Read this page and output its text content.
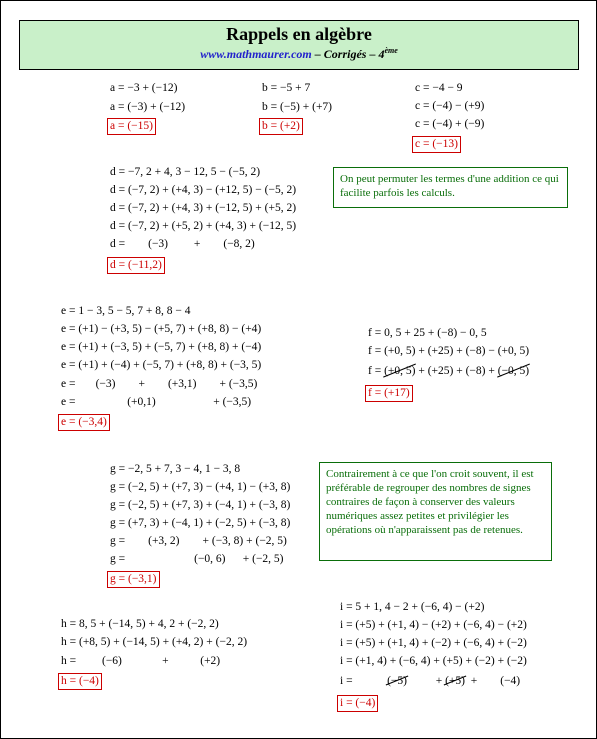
Rappels en algèbre
www.mathmaurer.com – Corrigés – 4ème
a = −3 + (−12)
a = (−3) + (−12)
a = (−15)
b = −5 + 7
b = (−5) + (+7)
b = (+2)
c = −4 − 9
c = (−4) − (+9)
c = (−4) + (−9)
c = (−13)
d = −7, 2 + 4, 3 − 12, 5 − (−5, 2)
d = (−7, 2) + (+4, 3) − (+12, 5) − (−5, 2)
d = (−7, 2) + (+4, 3) + (−12, 5) + (+5, 2)
d = (−7, 2) + (+5, 2) + (+4, 3) + (−12, 5)
d =        (−3)         +        (−8, 2)
d = (−11,2)
On peut permuter les termes d'une addition ce qui facilite parfois les calculs.
e = 1 − 3, 5 − 5, 7 + 8, 8 − 4
e = (+1) − (+3, 5) − (+5, 7) + (+8, 8) − (+4)
e = (+1) + (−3, 5) + (−5, 7) + (+8, 8) + (−4)
e = (+1) + (−4) + (−5, 7) + (+8, 8) + (−3, 5)
e =       (−3)        +        (+3,1)        + (−3,5)
e =                  (+0,1)                    + (−3,5)
e = (−3,4)
f = 0, 5 + 25 + (−8) − 0, 5
f = (+0, 5) + (+25) + (−8) − (+0, 5)
f = (+0, 5) + (+25) + (−8) + (−0, 5)
f = (+17)
g = −2, 5 + 7, 3 − 4, 1 − 3, 8
g = (−2, 5) + (+7, 3) − (+4, 1) − (+3, 8)
g = (−2, 5) + (+7, 3) + (−4, 1) + (−3, 8)
g = (+7, 3) + (−4, 1) + (−2, 5) + (−3, 8)
g =        (+3, 2)        + (−3, 8) + (−2, 5)
g =                        (−0, 6)      + (−2, 5)
g = (−3,1)
Contrairement à ce que l'on croit souvent, il est préférable de regrouper des nombres de signes contraires de façon à conserver des valeurs numériques assez petites et privilégier les opérations où n'apparaissent pas de retenues.
h = 8, 5 + (−14, 5) + 4, 2 + (−2, 2)
h = (+8, 5) + (−14, 5) + (+4, 2) + (−2, 2)
h =         (−6)              +           (+2)
h = (−4)
i = 5 + 1, 4 − 2 + (−6, 4) − (+2)
i = (+5) + (+1, 4) − (+2) + (−6, 4) − (+2)
i = (+5) + (+1, 4) + (−2) + (−6, 4) + (−2)
i = (+1, 4) + (−6, 4) + (+5) + (−2) + (−2)
i =            (−5)          + (+5)  +        (−4)
i = (−4)
